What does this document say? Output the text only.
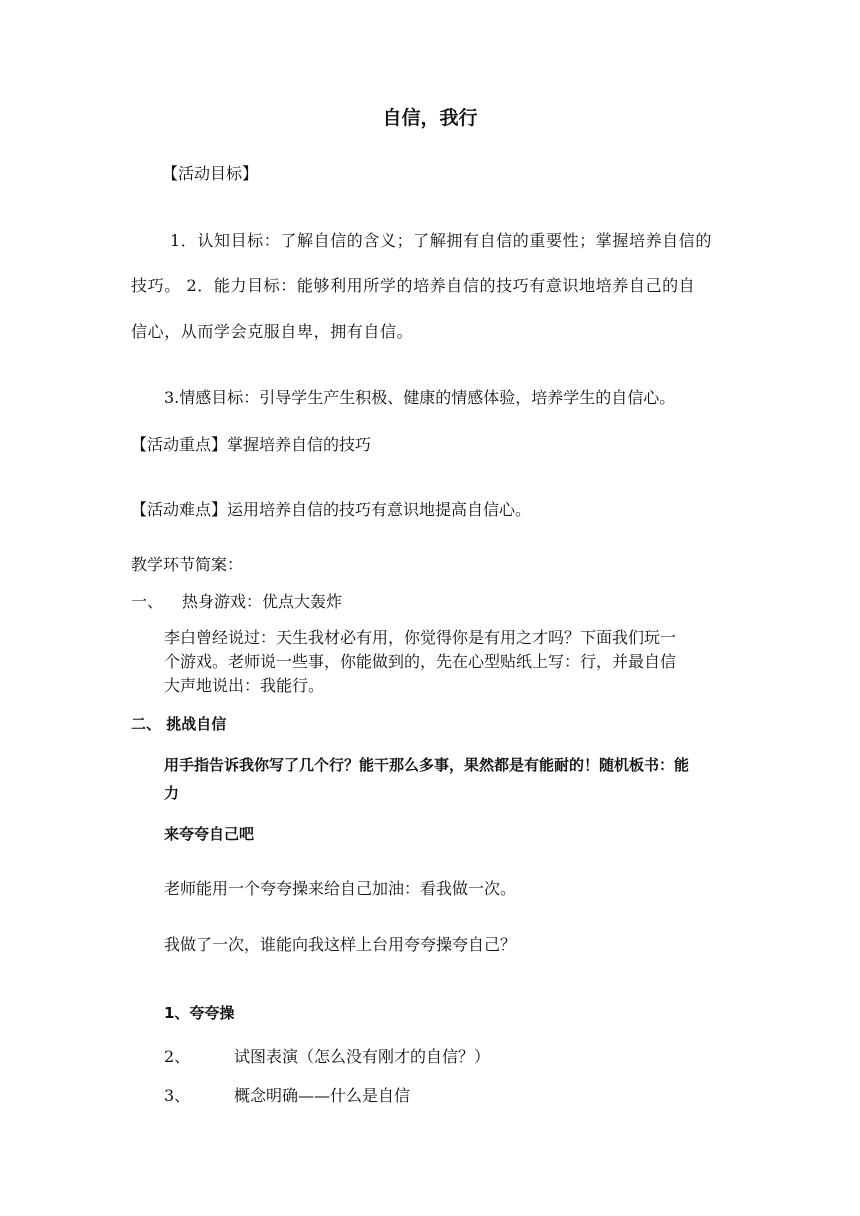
自信，我行
【活动目标】
1．认知目标：了解自信的含义；了解拥有自信的重要性；掌握培养自信的
技巧。 2．能力目标：能够利用所学的培养自信的技巧有意识地培养自己的自
信心，从而学会克服自卑，拥有自信。
3.情感目标：引导学生产生积极、健康的情感体验，培养学生的自信心。
【活动重点】掌握培养自信的技巧
【活动难点】运用培养自信的技巧有意识地提高自信心。
教学环节简案：
一、 热身游戏：优点大轰炸
李白曾经说过：天生我材必有用，你觉得你是有用之才吗？下面我们玩一
个游戏。老师说一些事，你能做到的，先在心型贴纸上写：行，并最自信
大声地说出：我能行。
二、 挑战自信
用手指告诉我你写了几个行？能干那么多事，果然都是有能耐的！随机板书：能
力
来夸夸自己吧
老师能用一个夸夸操来给自己加油：看我做一次。
我做了一次，谁能向我这样上台用夸夸操夸自己？
1、夸夸操
2、	试图表演（怎么没有刚才的自信？）
3、	概念明确——什么是自信
